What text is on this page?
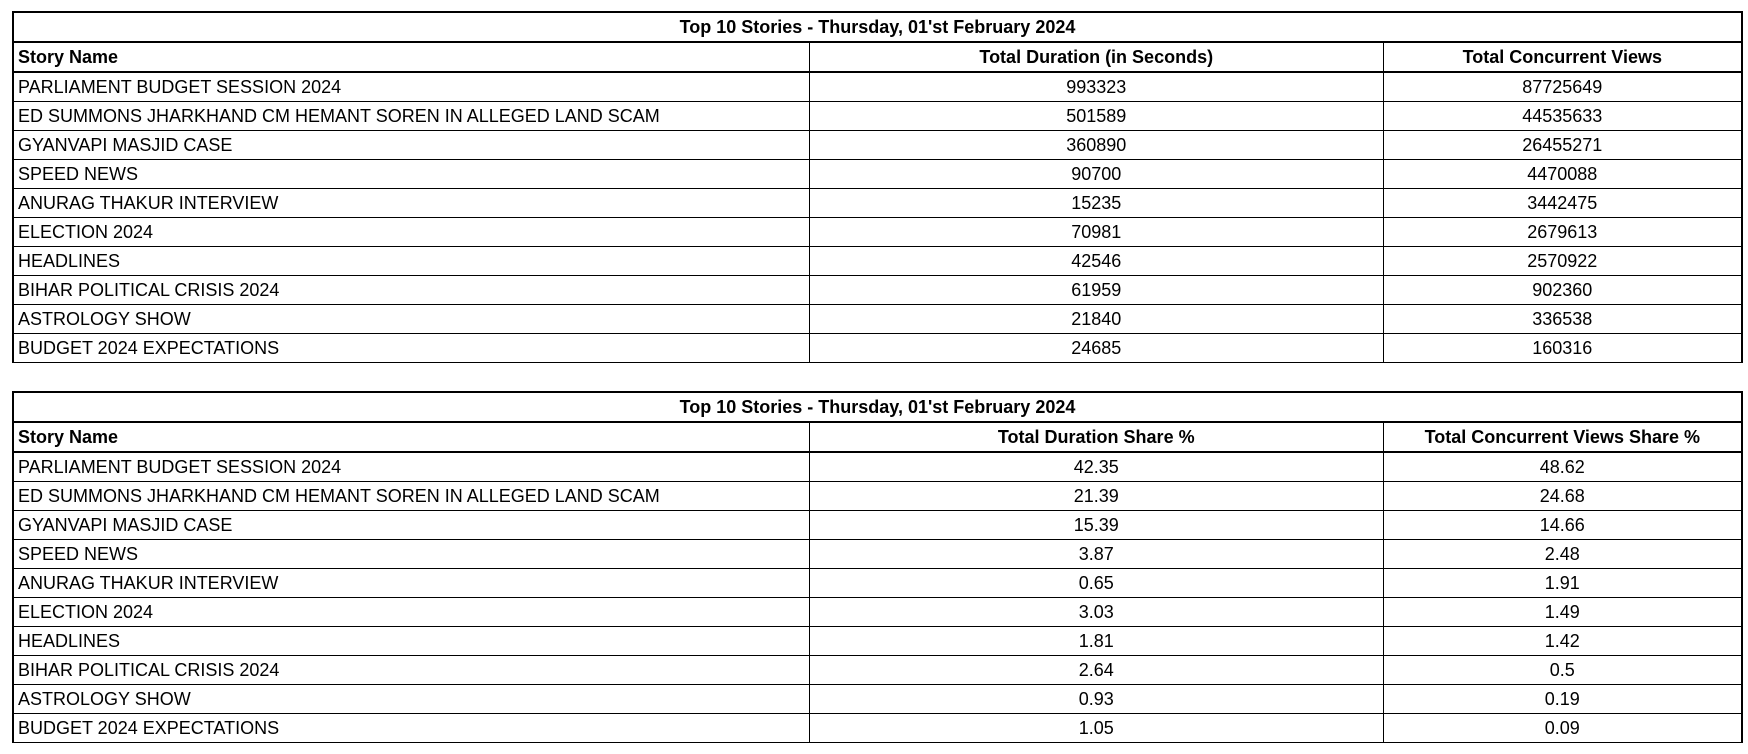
Top 10 Stories - Thursday, 01'st February 2024		
Story Name	Total Duration (in Seconds)	Total Concurrent Views
PARLIAMENT BUDGET SESSION 2024	993323	87725649
ED SUMMONS JHARKHAND CM HEMANT SOREN IN ALLEGED LAND SCAM	501589	44535633
GYANVAPI MASJID CASE	360890	26455271
SPEED NEWS	90700	4470088
ANURAG THAKUR INTERVIEW	15235	3442475
ELECTION 2024	70981	2679613
HEADLINES	42546	2570922
BIHAR POLITICAL CRISIS 2024	61959	902360
ASTROLOGY SHOW	21840	336538
BUDGET 2024 EXPECTATIONS	24685	160316
Top 10 Stories - Thursday, 01'st February 2024		
Story Name	Total Duration Share %	Total Concurrent Views Share %
PARLIAMENT BUDGET SESSION 2024	42.35	48.62
ED SUMMONS JHARKHAND CM HEMANT SOREN IN ALLEGED LAND SCAM	21.39	24.68
GYANVAPI MASJID CASE	15.39	14.66
SPEED NEWS	3.87	2.48
ANURAG THAKUR INTERVIEW	0.65	1.91
ELECTION 2024	3.03	1.49
HEADLINES	1.81	1.42
BIHAR POLITICAL CRISIS 2024	2.64	0.5
ASTROLOGY SHOW	0.93	0.19
BUDGET 2024 EXPECTATIONS	1.05	0.09
